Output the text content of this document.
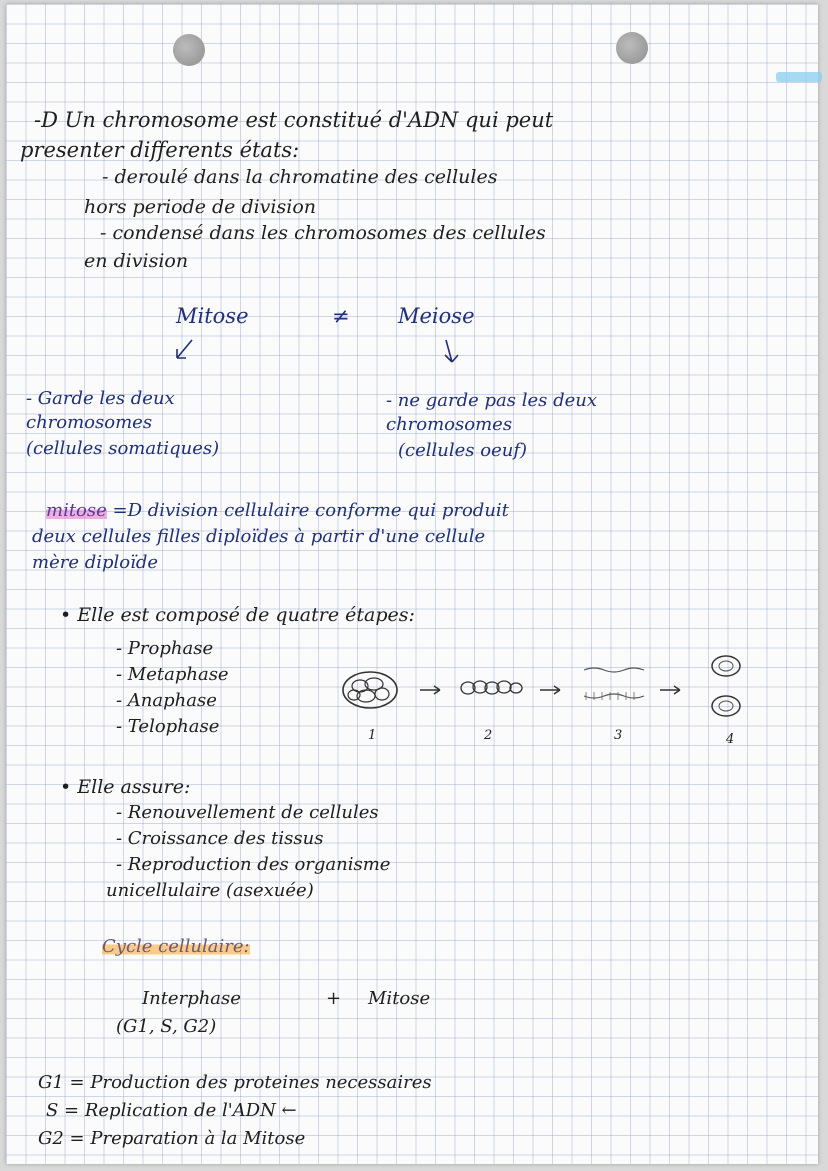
-D Un chromosome est constitué d'ADN qui peut
presenter differents états:
- deroulé dans la chromatine des cellules
hors periode de division
- condensé dans les chromosomes des cellules
en division
Mitose	≠ Meiose
- Garde les deux
chromosomes
(cellules somatiques)
- ne garde pas les deux
chromosomes
(cellules oeuf)
mitose =D division cellulaire conforme qui produit
deux cellules filles diploïdes à partir d'une cellule
mère diploïde
• Elle est composé de quatre étapes:
- Prophase
- Metaphase
- Anaphase
- Telophase	1	2	3	4
• Elle assure:
- Renouvellement de cellules
- Croissance des tissus
- Reproduction des organisme
unicellulaire (asexuée)
Cycle cellulaire:
Interphase	+ Mitose
(G1, S, G2)
G1 = Production des proteines necessaires
S = Replication de l'ADN ←
G2 = Preparation à la Mitose
